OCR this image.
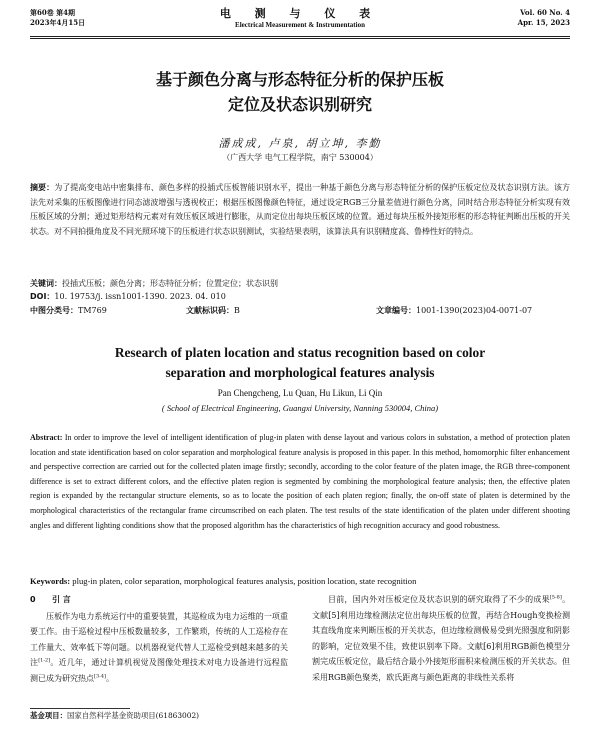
第60卷 第4期
2023年4月15日
电 测 与 仪 表
Electrical Measurement & Instrumentation
Vol. 60 No. 4
Apr. 15, 2023
基于颜色分离与形态特征分析的保护压板
定位及状态识别研究
潘成成, 卢泉, 胡立坤, 李勤
（广西大学 电气工程学院，南宁 530004）
摘要：为了提高变电站中密集排布、颜色多样的投插式压板智能识别水平，提出一种基于颜色分离与形态特征分析的保护压板定位及状态识别方法。该方法先对采集的压板图像进行同态滤波增强与透视校正；根据压板图像颜色特征，通过设定RGB三分量差值进行颜色分离，同时结合形态特征分析实现有效压板区域的分割；通过矩形结构元素对有效压板区域进行膨胀，从而定位出每块压板区域的位置。通过每块压板外接矩形框的形态特征判断出压板的开关状态。对不同拍摄角度及不同光照环境下的压板进行状态识别测试，实验结果表明，该算法具有识别精度高、鲁棒性好的特点。
关键词：投插式压板；颜色分离；形态特征分析；位置定位；状态识别
DOI：10. 19753/j. issn1001-1390. 2023. 04. 010
中图分类号：TM769	文献标识码：B	文章编号：1001-1390(2023)04-0071-07
Research of platen location and status recognition based on color
separation and morphological features analysis
Pan Chengcheng, Lu Quan, Hu Likun, Li Qin
( School of Electrical Engineering, Guangxi University, Nanning 530004, China)
Abstract: In order to improve the level of intelligent identification of plug-in platen with dense layout and various colors in substation, a method of protection platen location and state identification based on color separation and morphological feature analysis is proposed in this paper. In this method, homomorphic filter enhancement and perspective correction are carried out for the collected platen image firstly; secondly, according to the color feature of the platen image, the RGB three-component difference is set to extract different colors, and the effective platen region is segmented by combining the morphological feature analysis; then, the effective platen region is expanded by the rectangular structure elements, so as to locate the position of each platen region; finally, the on-off state of platen is determined by the morphological characteristics of the rectangular frame circumscribed on each platen. The test results of the state identification of the platen under different shooting angles and different lighting conditions show that the proposed algorithm has the characteristics of high recognition accuracy and good robustness.
Keywords: plug-in platen, color separation, morphological features analysis, position location, state recognition
0 引 言
压板作为电力系统运行中的重要装置，其巡检成为电力运维的一项重要工作。由于巡检过程中压板数量较多，工作繁琐，传统的人工巡检存在工作量大、效率低下等问题。以机器视觉代替人工巡检受到越来越多的关注[1-2]。近几年，通过计算机视觉及图像处理技术对电力设备进行远程监测已成为研究热点[3-4]。
目前，国内外对压板定位及状态识别的研究取得了不少的成果[5-8]。文献[5]利用边缘检测法定位出每块压板的位置，再结合Hough变换检测其直线角度来判断压板的开关状态，但边缘检测极易受到光照强度和阴影的影响，定位效果不佳，致使识别率下降。文献[6]利用RGB颜色模型分割完成压板定位，最后结合最小外接矩形面积来检测压板的开关状态。但采用RGB颜色聚类，欧氏距离与颜色距离的非线性关系将
基金项目：国家自然科学基金资助项目(61863002)
